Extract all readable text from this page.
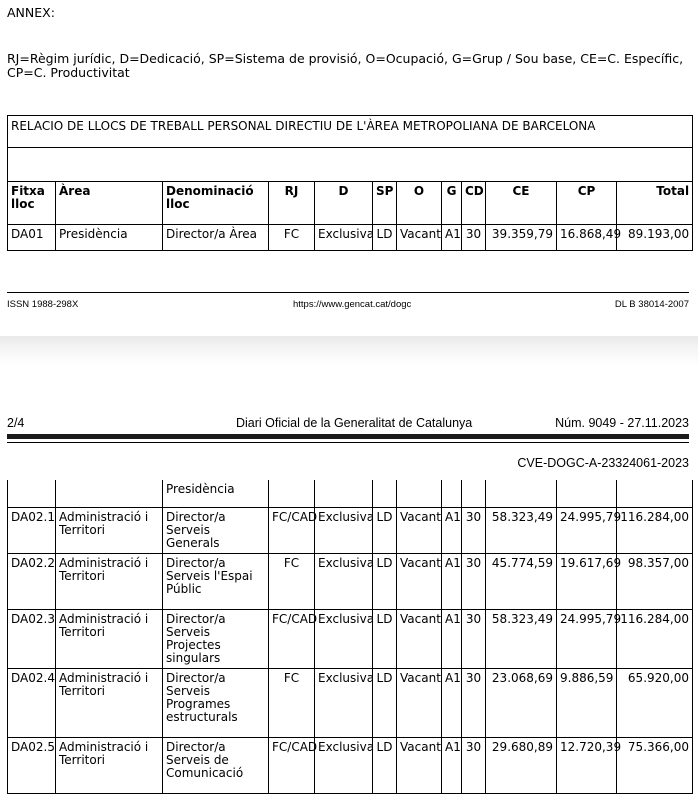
ANNEX:
RJ=Règim jurídic, D=Dedicació, SP=Sistema de provisió, O=Ocupació, G=Grup / Sou base, CE=C. Específic, CP=C. Productivitat
RELACIO DE LLOCS DE TREBALL PERSONAL DIRECTIU DE L'ÀREA METROPOLIANA DE BARCELONA											

Fitxa lloc	Àrea	Denominació lloc	RJ	D	SP	O	G	CD	CE	CP	Total
DA01	Presidència	Director/a Àrea	FC	Exclusiva	LD	Vacant	A1	30	39.359,79	16.868,49	89.193,00
ISSN 1988-298X	https://www.gencat.cat/dogc	DL B 38014-2007
2/4	Diari Oficial de la Generalitat de Catalunya	Núm. 9049 - 27.11.2023
CVE-DOGC-A-23324061-2023
		Presidència									
DA02.1	Administració i Territori	Director/a Serveis Generals	FC/CAD	Exclusiva	LD	Vacant	A1	30	58.323,49	24.995,79	116.284,00
DA02.2	Administració i Territori	Director/a Serveis l'Espai Públic	FC	Exclusiva	LD	Vacant	A1	30	45.774,59	19.617,69	98.357,00
DA02.3	Administració i Territori	Director/a Serveis Projectes singulars	FC/CAD	Exclusiva	LD	Vacant	A1	30	58.323,49	24.995,79	116.284,00
DA02.4	Administració i Territori	Director/a Serveis Programes estructurals	FC	Exclusiva	LD	Vacant	A1	30	23.068,69	9.886,59	65.920,00
DA02.5	Administració i Territori	Director/a Serveis de Comunicació	FC/CAD	Exclusiva	LD	Vacant	A1	30	29.680,89	12.720,39	75.366,00
